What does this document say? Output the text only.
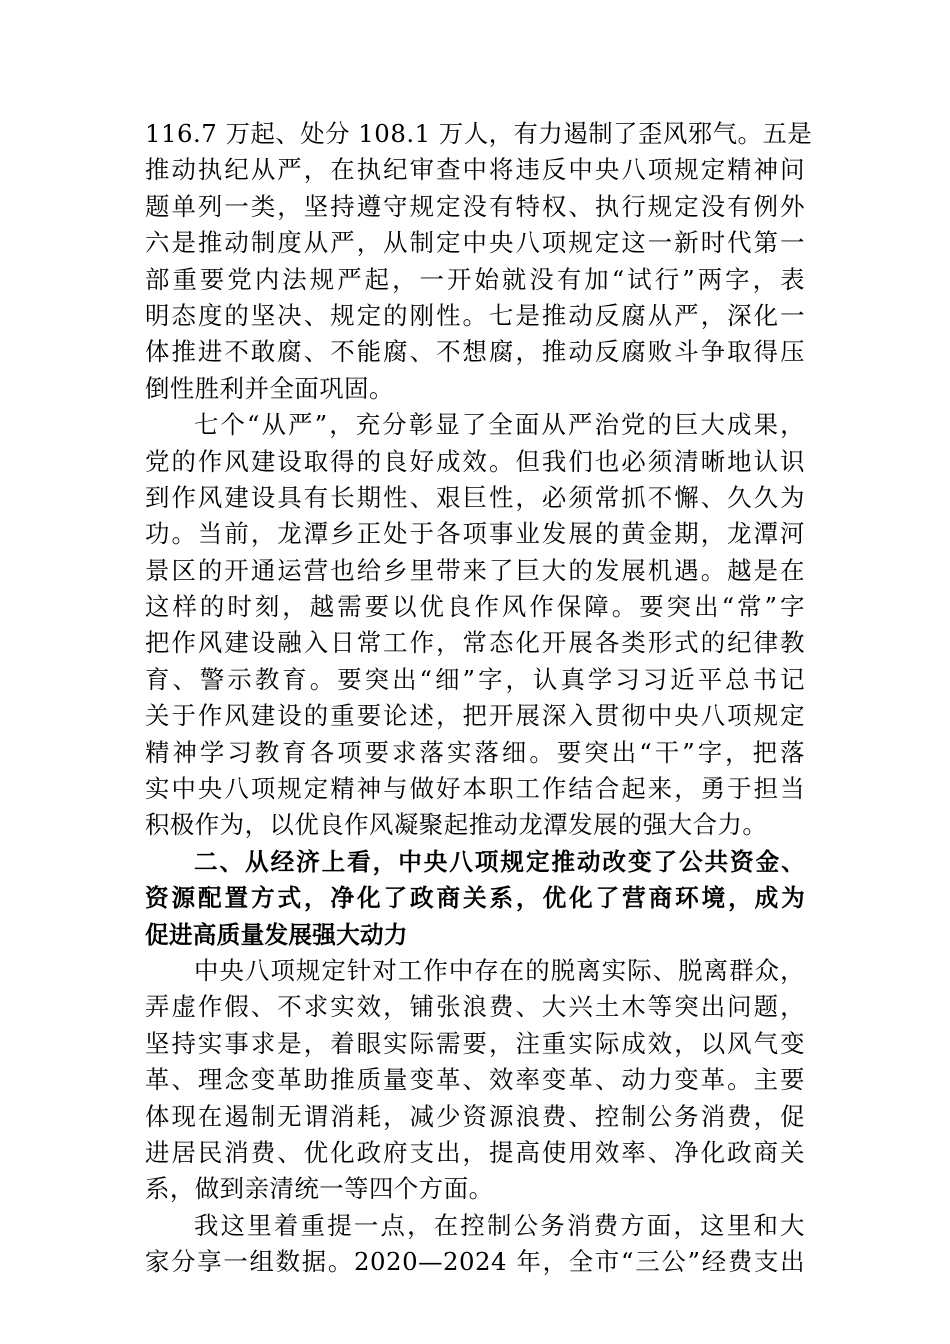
116.7 万起、处分 108.1 万人，有力遏制了歪风邪气。五是
推动执纪从严，在执纪审查中将违反中央八项规定精神问
题单列一类，坚持遵守规定没有特权、执行规定没有例外
六是推动制度从严，从制定中央八项规定这一新时代第一
部重要党内法规严起，一开始就没有加“试行”两字，表
明态度的坚决、规定的刚性。七是推动反腐从严，深化一
体推进不敢腐、不能腐、不想腐，推动反腐败斗争取得压
倒性胜利并全面巩固。
七个“从严”，充分彰显了全面从严治党的巨大成果，
党的作风建设取得的良好成效。但我们也必须清晰地认识
到作风建设具有长期性、艰巨性，必须常抓不懈、久久为
功。当前，龙潭乡正处于各项事业发展的黄金期，龙潭河
景区的开通运营也给乡里带来了巨大的发展机遇。越是在
这样的时刻，越需要以优良作风作保障。要突出“常”字
把作风建设融入日常工作，常态化开展各类形式的纪律教
育、警示教育。要突出“细”字，认真学习习近平总书记
关于作风建设的重要论述，把开展深入贯彻中央八项规定
精神学习教育各项要求落实落细。要突出“干”字，把落
实中央八项规定精神与做好本职工作结合起来，勇于担当
积极作为，以优良作风凝聚起推动龙潭发展的强大合力。
二、从经济上看，中央八项规定推动改变了公共资金、
资源配置方式，净化了政商关系，优化了营商环境，成为
促进高质量发展强大动力
中央八项规定针对工作中存在的脱离实际、脱离群众，
弄虚作假、不求实效，铺张浪费、大兴土木等突出问题，
坚持实事求是，着眼实际需要，注重实际成效，以风气变
革、理念变革助推质量变革、效率变革、动力变革。主要
体现在遏制无谓消耗，减少资源浪费、控制公务消费，促
进居民消费、优化政府支出，提高使用效率、净化政商关
系，做到亲清统一等四个方面。
我这里着重提一点，在控制公务消费方面，这里和大
家分享一组数据。2020—2024 年，全市“三公”经费支出
